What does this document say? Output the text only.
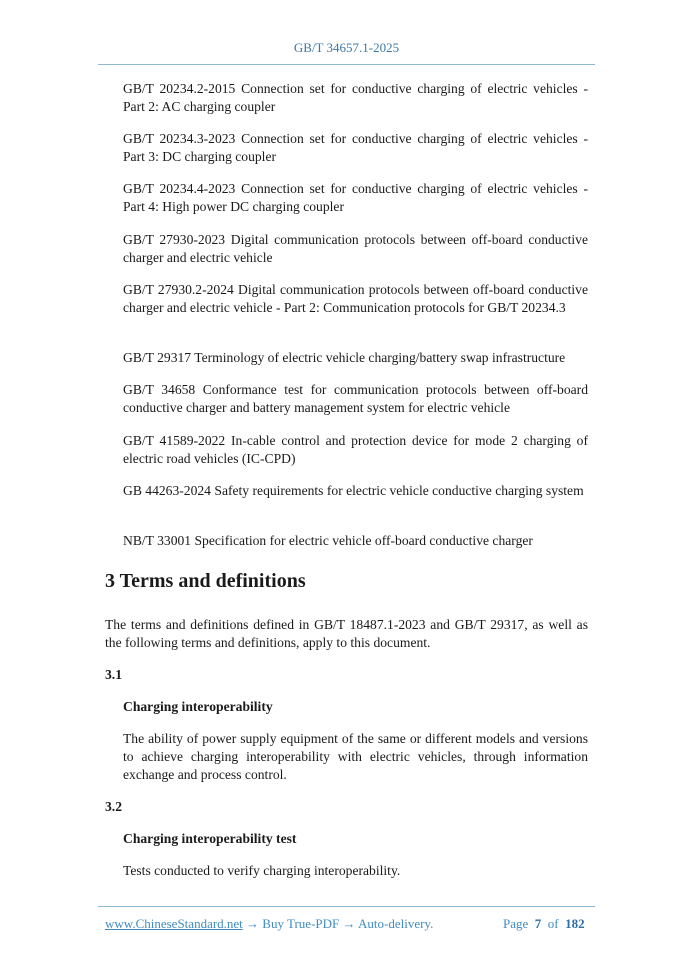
GB/T 34657.1-2025
GB/T 20234.2-2015 Connection set for conductive charging of electric vehicles - Part 2: AC charging coupler
GB/T 20234.3-2023 Connection set for conductive charging of electric vehicles - Part 3: DC charging coupler
GB/T 20234.4-2023 Connection set for conductive charging of electric vehicles - Part 4: High power DC charging coupler
GB/T 27930-2023 Digital communication protocols between off-board conductive charger and electric vehicle
GB/T 27930.2-2024 Digital communication protocols between off-board conductive charger and electric vehicle - Part 2: Communication protocols for GB/T 20234.3
GB/T 29317 Terminology of electric vehicle charging/battery swap infrastructure
GB/T 34658 Conformance test for communication protocols between off-board conductive charger and battery management system for electric vehicle
GB/T 41589-2022 In-cable control and protection device for mode 2 charging of electric road vehicles (IC-CPD)
GB 44263-2024 Safety requirements for electric vehicle conductive charging system
NB/T 33001 Specification for electric vehicle off-board conductive charger
3 Terms and definitions
The terms and definitions defined in GB/T 18487.1-2023 and GB/T 29317, as well as the following terms and definitions, apply to this document.
3.1
Charging interoperability
The ability of power supply equipment of the same or different models and versions to achieve charging interoperability with electric vehicles, through information exchange and process control.
3.2
Charging interoperability test
Tests conducted to verify charging interoperability.
www.ChineseStandard.net → Buy True-PDF → Auto-delivery.	Page 7 of 182
